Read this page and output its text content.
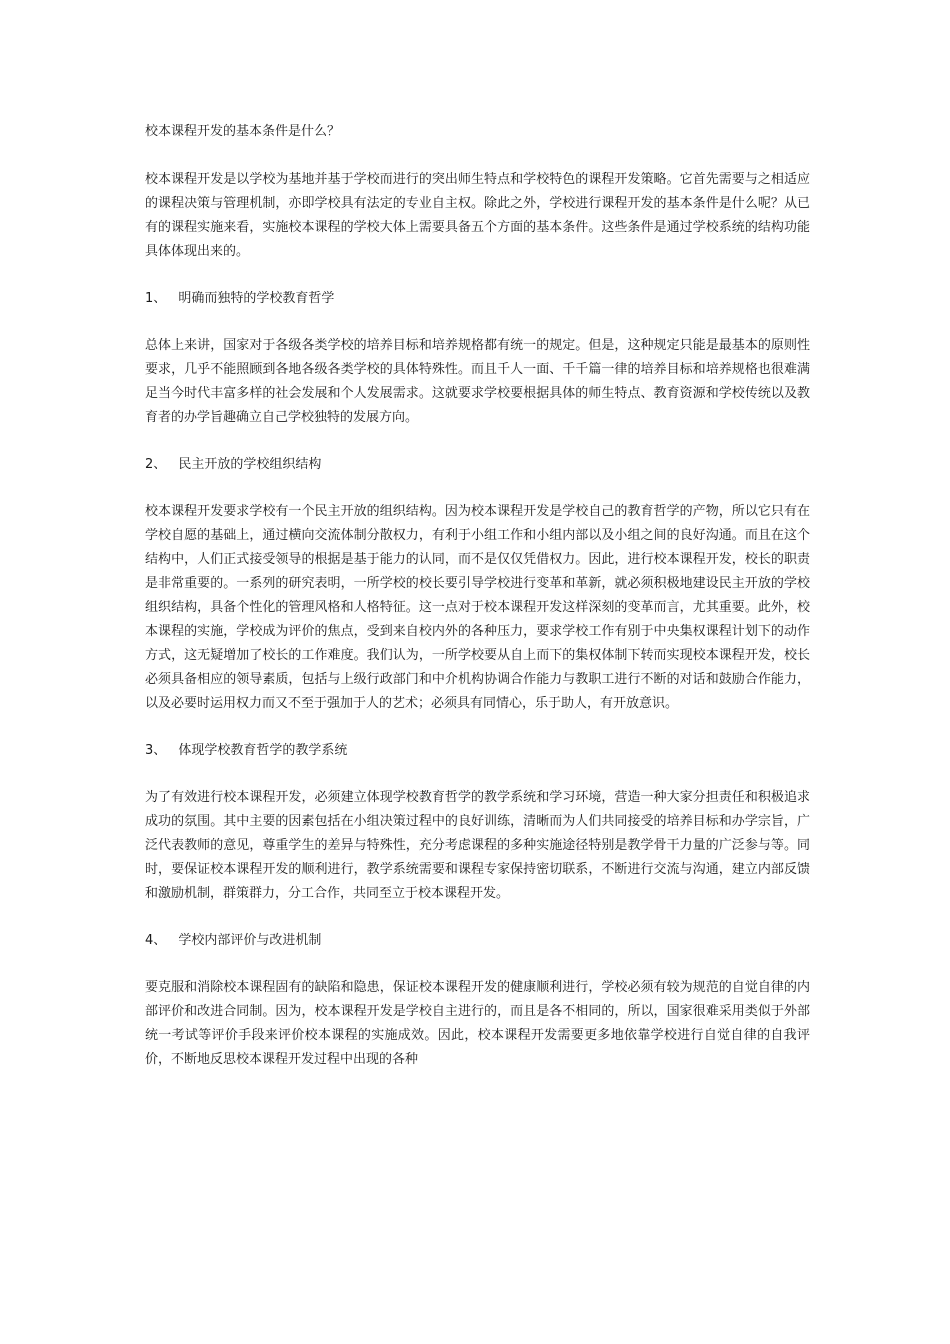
校本课程开发的基本条件是什么？

校本课程开发是以学校为基地并基于学校而进行的突出师生特点和学校特色的课程开发策略。它首先需要与之相适应的课程决策与管理机制，亦即学校具有法定的专业自主权。除此之外，学校进行课程开发的基本条件是什么呢？从已有的课程实施来看，实施校本课程的学校大体上需要具备五个方面的基本条件。这些条件是通过学校系统的结构功能具体体现出来的。

1、 明确而独特的学校教育哲学

总体上来讲，国家对于各级各类学校的培养目标和培养规格都有统一的规定。但是，这种规定只能是最基本的原则性要求，几乎不能照顾到各地各级各类学校的具体特殊性。而且千人一面、千千篇一律的培养目标和培养规格也很难满足当今时代丰富多样的社会发展和个人发展需求。这就要求学校要根据具体的师生特点、教育资源和学校传统以及教育者的办学旨趣确立自己学校独特的发展方向。

2、 民主开放的学校组织结构

校本课程开发要求学校有一个民主开放的组织结构。因为校本课程开发是学校自己的教育哲学的产物，所以它只有在学校自愿的基础上，通过横向交流体制分散权力，有利于小组工作和小组内部以及小组之间的良好沟通。而且在这个结构中，人们正式接受领导的根据是基于能力的认同，而不是仅仅凭借权力。因此，进行校本课程开发，校长的职责是非常重要的。一系列的研究表明，一所学校的校长要引导学校进行变革和革新，就必须积极地建设民主开放的学校组织结构，具备个性化的管理风格和人格特征。这一点对于校本课程开发这样深刻的变革而言，尤其重要。此外，校本课程的实施，学校成为评价的焦点，受到来自校内外的各种压力，要求学校工作有别于中央集权课程计划下的动作方式，这无疑增加了校长的工作难度。我们认为，一所学校要从自上而下的集权体制下转而实现校本课程开发，校长必须具备相应的领导素质，包括与上级行政部门和中介机构协调合作能力与教职工进行不断的对话和鼓励合作能力，以及必要时运用权力而又不至于强加于人的艺术；必须具有同情心，乐于助人，有开放意识。

3、 体现学校教育哲学的教学系统

为了有效进行校本课程开发，必须建立体现学校教育哲学的教学系统和学习环境，营造一种大家分担责任和积极追求成功的氛围。其中主要的因素包括在小组决策过程中的良好训练，清晰而为人们共同接受的培养目标和办学宗旨，广泛代表教师的意见，尊重学生的差异与特殊性，充分考虑课程的多种实施途径特别是教学骨干力量的广泛参与等。同时，要保证校本课程开发的顺利进行，教学系统需要和课程专家保持密切联系，不断进行交流与沟通，建立内部反馈和激励机制，群策群力，分工合作，共同至立于校本课程开发。

4、 学校内部评价与改进机制

要克服和消除校本课程固有的缺陷和隐患，保证校本课程开发的健康顺利进行，学校必须有较为规范的自觉自律的内部评价和改进合同制。因为，校本课程开发是学校自主进行的，而且是各不相同的，所以，国家很难采用类似于外部统一考试等评价手段来评价校本课程的实施成效。因此，校本课程开发需要更多地依靠学校进行自觉自律的自我评价，不断地反思校本课程开发过程中出现的各种
